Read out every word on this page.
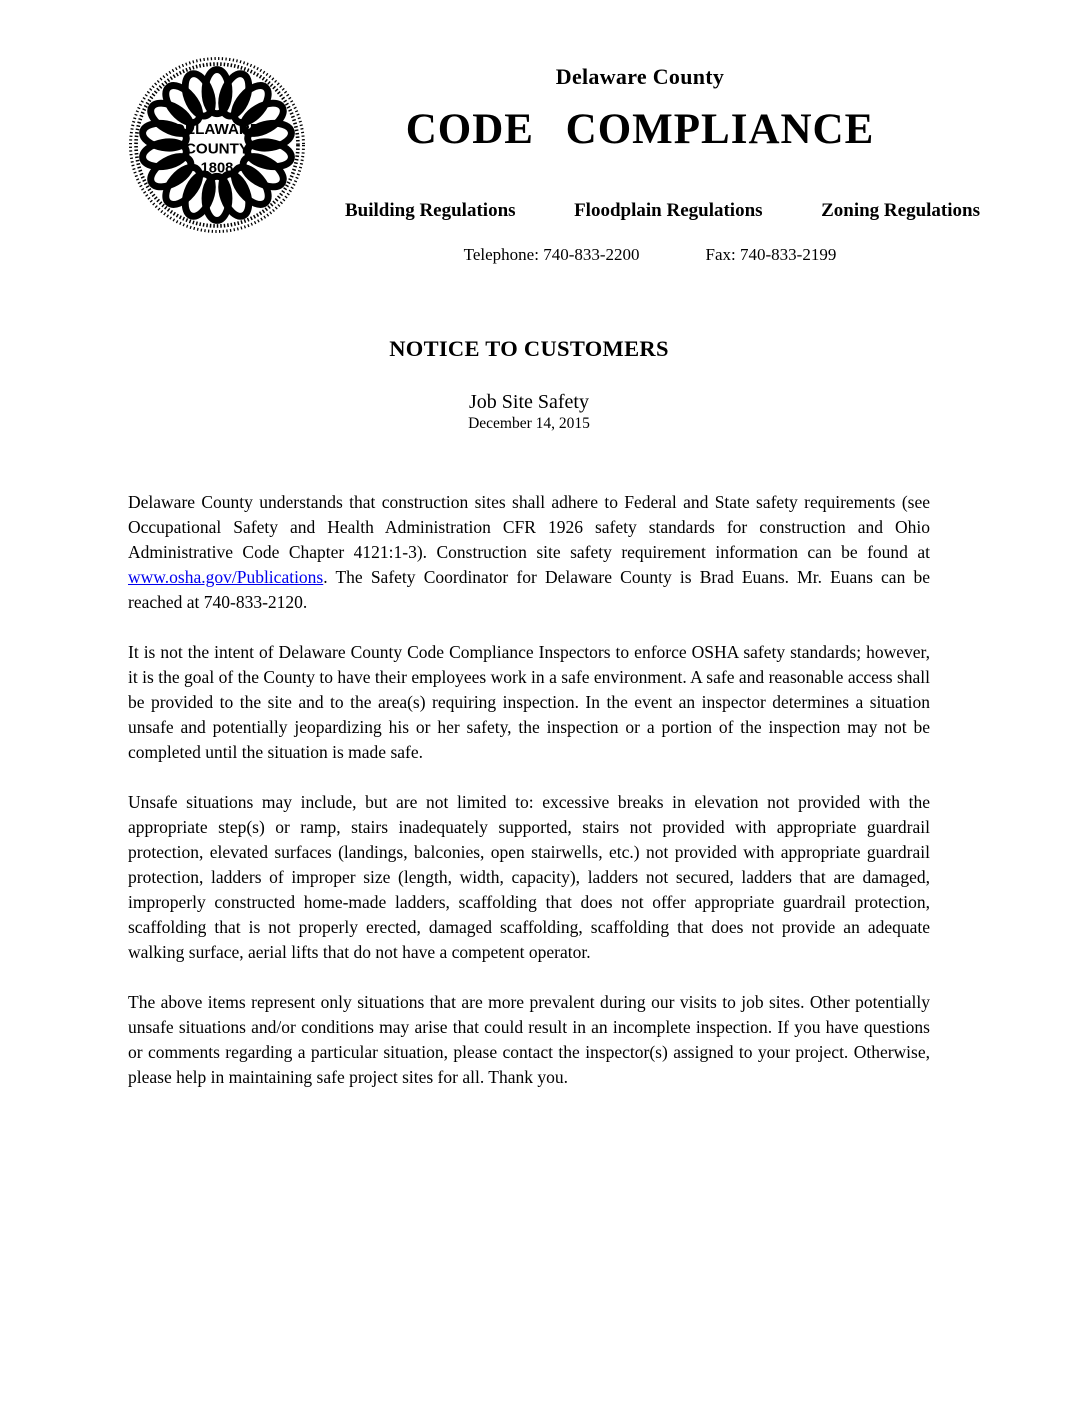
DELAWARE
COUNTY
1808
Delaware County
CODE COMPLIANCE
Building Regulations	Floodplain Regulations	Zoning Regulations
Telephone: 740-833-2200	Fax: 740-833-2199
NOTICE TO CUSTOMERS
Job Site Safety
December 14, 2015

Delaware County understands that construction sites shall adhere to Federal and State safety requirements (see Occupational Safety and Health Administration CFR 1926 safety standards for construction and Ohio Administrative Code Chapter 4121:1-3). Construction site safety requirement information can be found at www.osha.gov/Publications. The Safety Coordinator for Delaware County is Brad Euans. Mr. Euans can be reached at 740-833-2120.

It is not the intent of Delaware County Code Compliance Inspectors to enforce OSHA safety standards; however, it is the goal of the County to have their employees work in a safe environment. A safe and reasonable access shall be provided to the site and to the area(s) requiring inspection. In the event an inspector determines a situation unsafe and potentially jeopardizing his or her safety, the inspection or a portion of the inspection may not be completed until the situation is made safe.

Unsafe situations may include, but are not limited to: excessive breaks in elevation not provided with the appropriate step(s) or ramp, stairs inadequately supported, stairs not provided with appropriate guardrail protection, elevated surfaces (landings, balconies, open stairwells, etc.) not provided with appropriate guardrail protection, ladders of improper size (length, width, capacity), ladders not secured, ladders that are damaged, improperly constructed home-made ladders, scaffolding that does not offer appropriate guardrail protection, scaffolding that is not properly erected, damaged scaffolding, scaffolding that does not provide an adequate walking surface, aerial lifts that do not have a competent operator.

The above items represent only situations that are more prevalent during our visits to job sites. Other potentially unsafe situations and/or conditions may arise that could result in an incomplete inspection. If you have questions or comments regarding a particular situation, please contact the inspector(s) assigned to your project. Otherwise, please help in maintaining safe project sites for all. Thank you.
